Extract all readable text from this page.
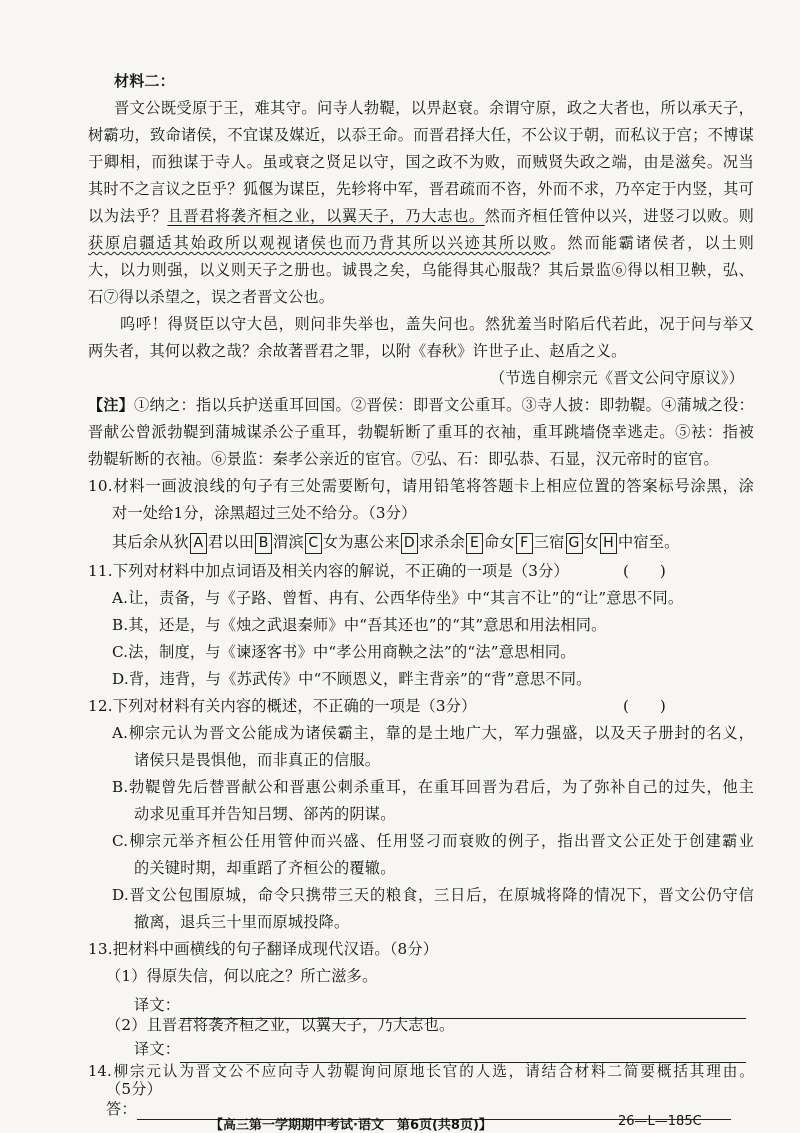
材料二：
晋文公既受原于王，难其守。问寺人勃鞮，以畀赵衰。余谓守原，政之大者也，所以承天子，
树霸功，致命诸侯，不宜谋及媒近，以忝王命。而晋君择大任，不公议于朝，而私议于宫；不博谋
于卿相，而独谋于寺人。虽或衰之贤足以守，国之政不为败，而贼贤失政之端，由是滋矣。况当
其时不之言议之臣乎？狐偃为谋臣，先轸将中军，晋君疏而不咨，外而不求，乃卒定于内竖，其可
以为法乎？且晋君将袭齐桓之业，以翼天子，乃大志也。然而齐桓任管仲以兴，进竖刁以败。则
获原启疆适其始政所以观视诸侯也而乃背其所以兴迹其所以败。然而能霸诸侯者，以土则
大，以力则强，以义则天子之册也。诚畏之矣，乌能得其心服哉？其后景监⑥得以相卫鞅，弘、
石⑦得以杀望之，误之者晋文公也。
呜呼！得贤臣以守大邑，则问非失举也，盖失问也。然犹羞当时陷后代若此，况于问与举又
两失者，其何以救之哉？余故著晋君之罪，以附《春秋》许世子止、赵盾之义。
（节选自柳宗元《晋文公问守原议》）
【注】①纳之：指以兵护送重耳回国。②晋侯：即晋文公重耳。③寺人披：即勃鞮。④蒲城之役：
晋献公曾派勃鞮到蒲城谋杀公子重耳，勃鞮斩断了重耳的衣袖，重耳跳墙侥幸逃走。⑤袪：指被
勃鞮斩断的衣袖。⑥景监：秦孝公亲近的宦官。⑦弘、石：即弘恭、石显，汉元帝时的宦官。
10.材料一画波浪线的句子有三处需要断句，请用铅笔将答题卡上相应位置的答案标号涂黑，涂
对一处给1分，涂黑超过三处不给分。（3分）
其后余从狄 A 君以田 B 渭滨 C 女为惠公来 D 求杀余 E 命女 F 三宿 G 女 H 中宿至。
11.下列对材料中加点词语及相关内容的解说，不正确的一项是（3分）	(　　)
A.让，责备，与《子路、曾皙、冉有、公西华侍坐》中“其言不让”的“让”意思不同。
B.其，还是，与《烛之武退秦师》中“吾其还也”的“其”意思和用法相同。
C.法，制度，与《谏逐客书》中“孝公用商鞅之法”的“法”意思相同。
D.背，违背，与《苏武传》中“不顾恩义，畔主背亲”的“背”意思不同。
12.下列对材料有关内容的概述，不正确的一项是（3分）	(　　)
A.柳宗元认为晋文公能成为诸侯霸主，靠的是土地广大，军力强盛，以及天子册封的名义，
诸侯只是畏惧他，而非真正的信服。
B.勃鞮曾先后替晋献公和晋惠公刺杀重耳，在重耳回晋为君后，为了弥补自己的过失，他主
动求见重耳并告知吕甥、郤芮的阴谋。
C.柳宗元举齐桓公任用管仲而兴盛、任用竖刁而衰败的例子，指出晋文公正处于创建霸业
的关键时期，却重蹈了齐桓公的覆辙。
D.晋文公包围原城，命令只携带三天的粮食，三日后，在原城将降的情况下，晋文公仍守信
撤离，退兵三十里而原城投降。
13.把材料中画横线的句子翻译成现代汉语。（8分）
（1）得原失信，何以庇之？所亡滋多。
译文：
（2）且晋君将袭齐桓之业，以翼天子，乃大志也。
译文：
14.柳宗元认为晋文公不应向寺人勃鞮询问原地长官的人选，请结合材料二简要概括其理由。
（5分）
答：
【高三第一学期期中考试·语文　第6页(共8页)】	26—L—185C
